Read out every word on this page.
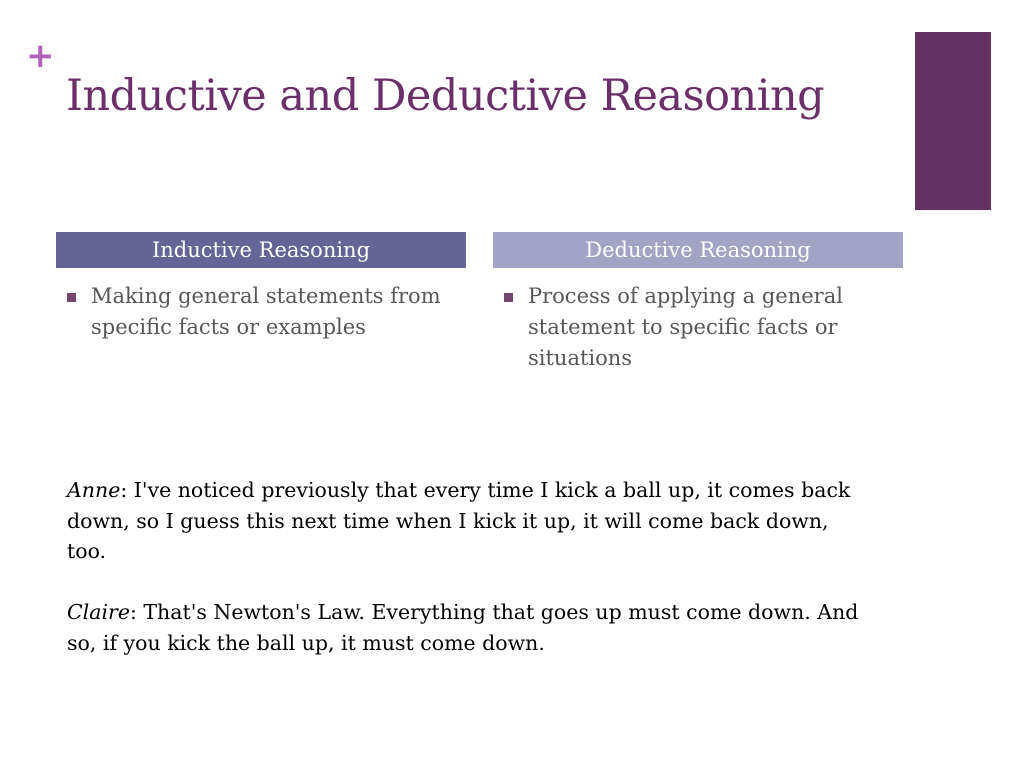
+
Inductive and Deductive Reasoning
Inductive Reasoning	Deductive Reasoning
Making general statements from specific facts or examples
Process of applying a general statement to specific facts or situations

Anne: I've noticed previously that every time I kick a ball up, it comes back down, so I guess this next time when I kick it up, it will come back down, too.

Claire: That's Newton's Law. Everything that goes up must come down. And so, if you kick the ball up, it must come down.
